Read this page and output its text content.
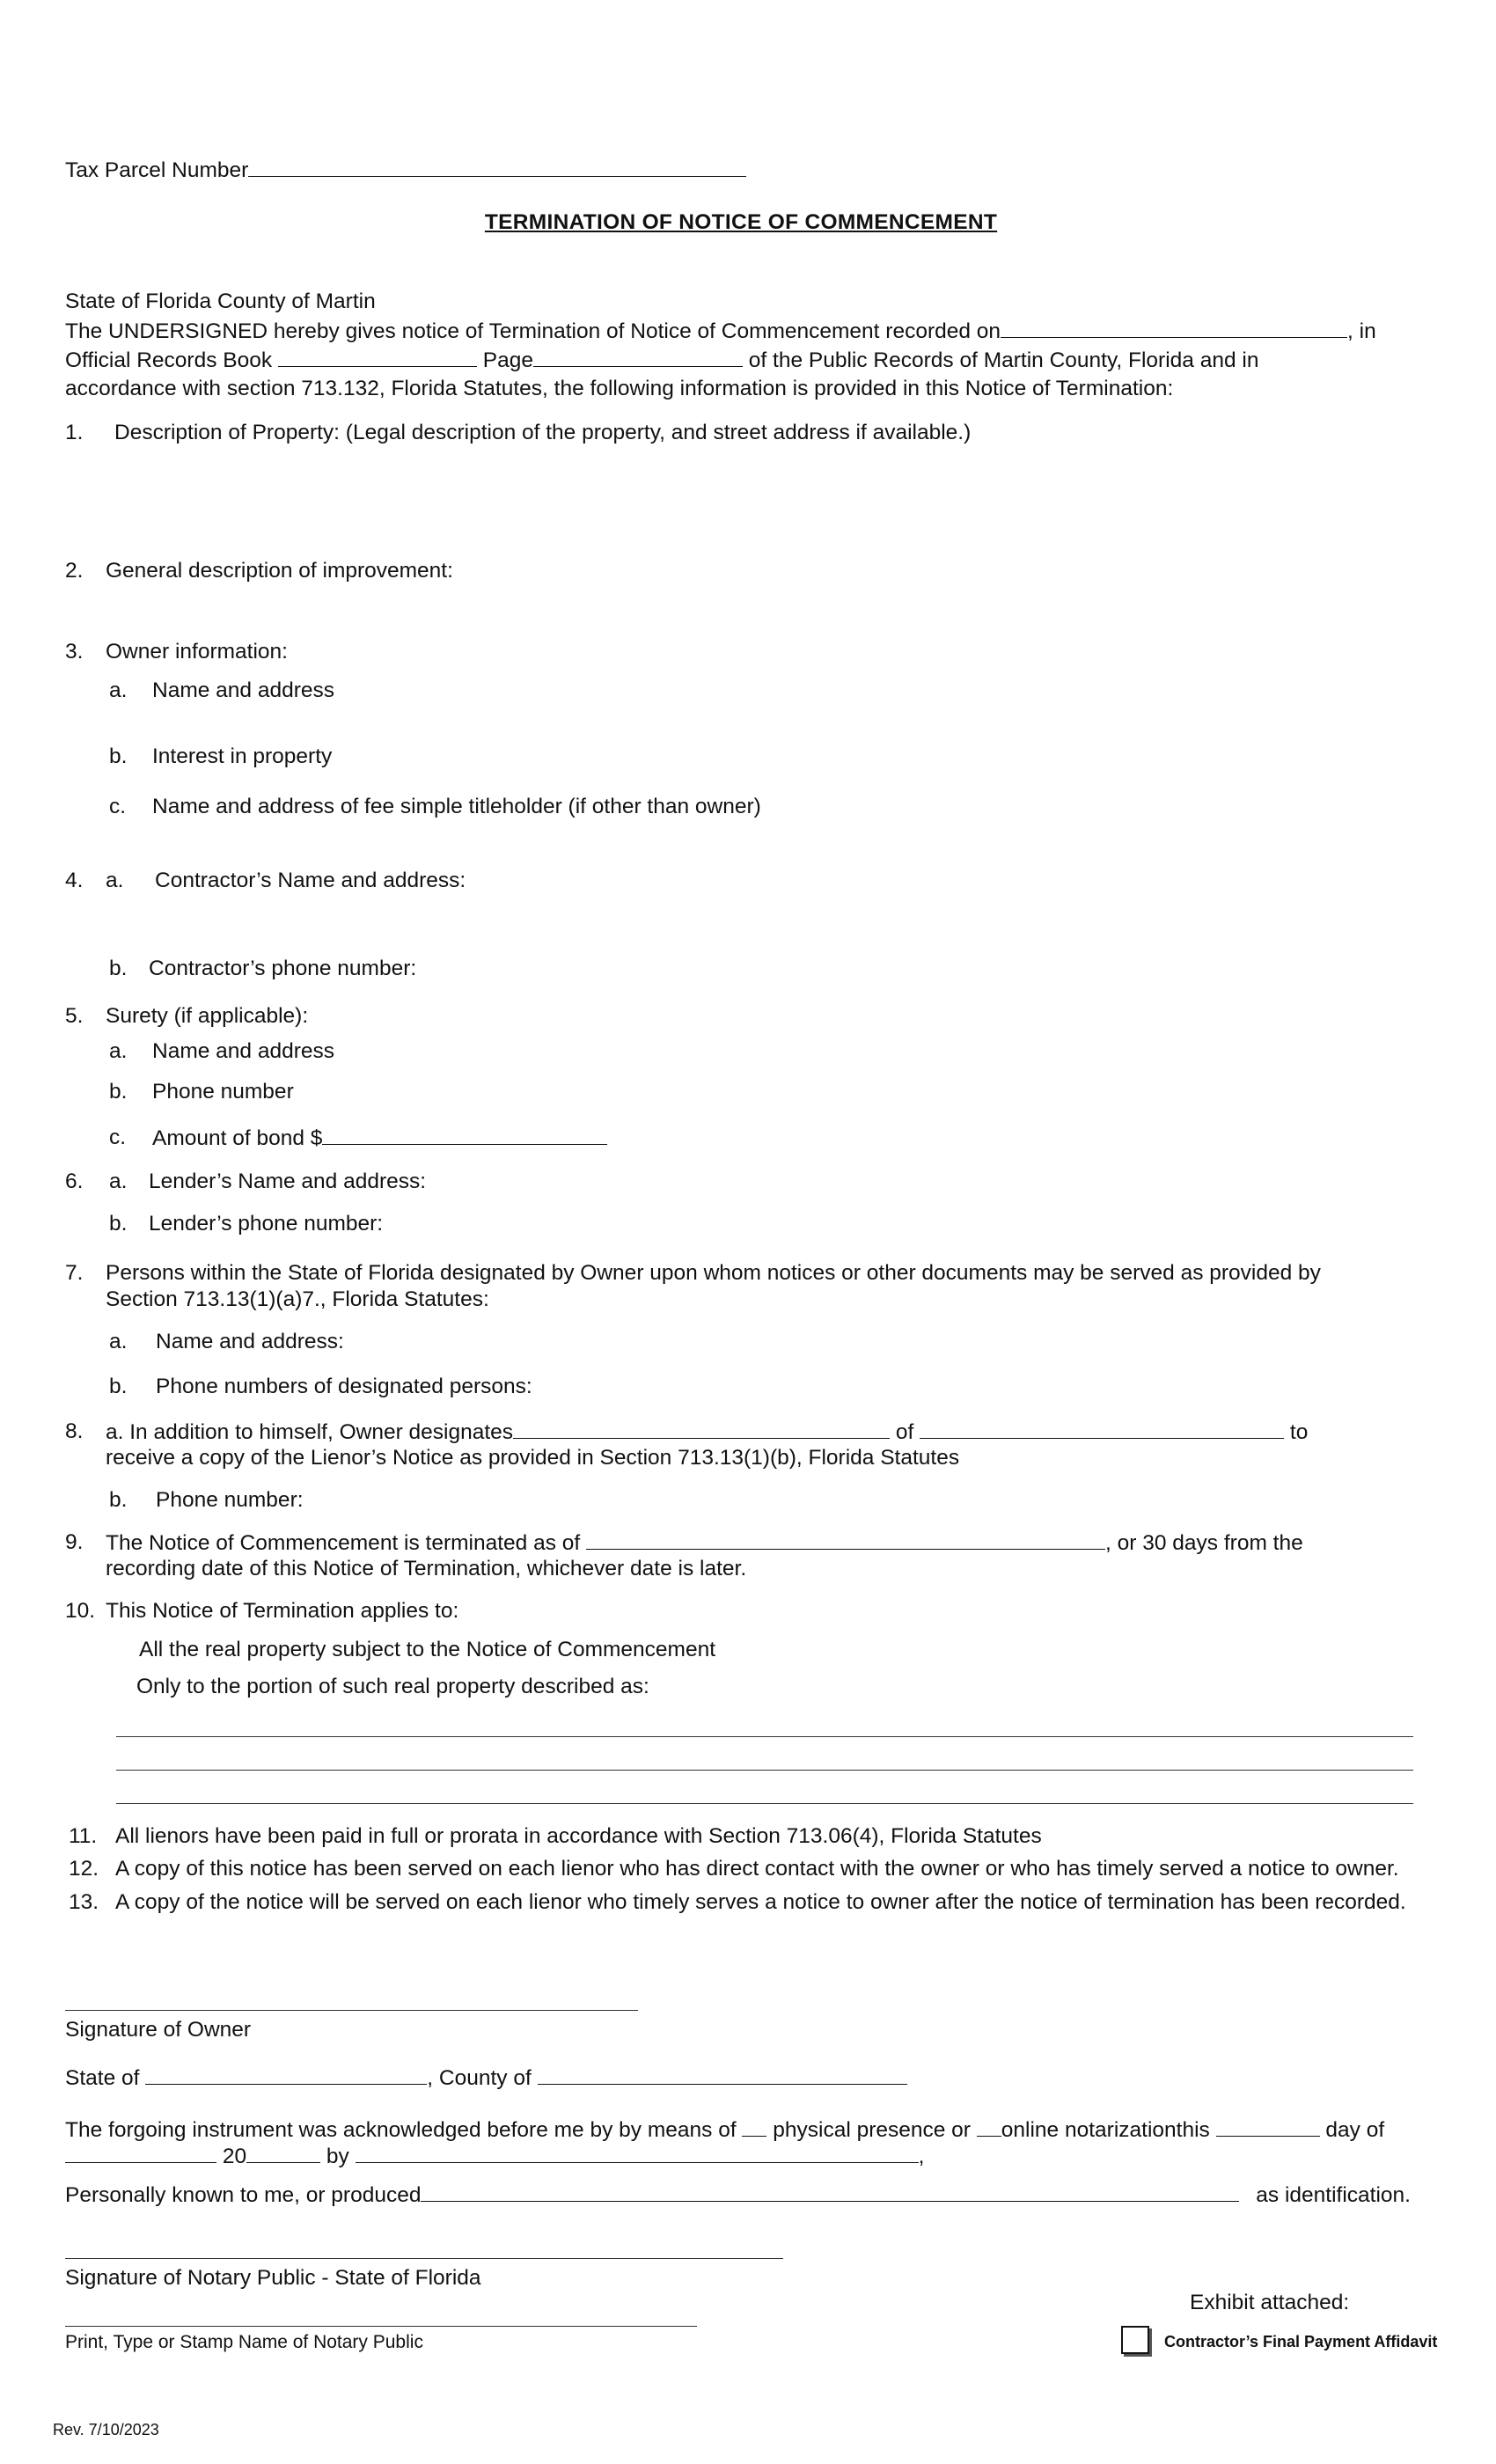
Tax Parcel Number
TERMINATION OF NOTICE OF COMMENCEMENT
State of Florida County of Martin
The UNDERSIGNED hereby gives notice of Termination of Notice of Commencement recorded on	, in
Official Records Book	Page	of the Public Records of Martin County, Florida and in
accordance with section 713.132, Florida Statutes, the following information is provided in this Notice of Termination:
1. Description of Property: (Legal description of the property, and street address if available.)
2. General description of improvement:
3. Owner information:
a. Name and address
b. Interest in property
c. Name and address of fee simple titleholder (if other than owner)
4. a. Contractor’s Name and address:
b. Contractor’s phone number:
5. Surety (if applicable):
a. Name and address
b. Phone number
c. Amount of bond $
6. a. Lender’s Name and address:
b. Lender’s phone number:
7. Persons within the State of Florida designated by Owner upon whom notices or other documents may be served as provided by
Section 713.13(1)(a)7., Florida Statutes:
a. Name and address:
b. Phone numbers of designated persons:
8. a. In addition to himself, Owner designates	of	to
receive a copy of the Lienor’s Notice as provided in Section 713.13(1)(b), Florida Statutes
b. Phone number:
9. The Notice of Commencement is terminated as of	, or 30 days from the
recording date of this Notice of Termination, whichever date is later.
10. This Notice of Termination applies to:
All the real property subject to the Notice of Commencement
Only to the portion of such real property described as:
11. All lienors have been paid in full or prorata in accordance with Section 713.06(4), Florida Statutes
12. A copy of this notice has been served on each lienor who has direct contact with the owner or who has timely served a notice to owner.
13. A copy of the notice will be served on each lienor who timely serves a notice to owner after the notice of termination has been recorded.
Signature of Owner
State of	, County of
The forgoing instrument was acknowledged before me by by means of physical presence or online notarizationthis	day of
20	by	,
Personally known to me, or produced	as identification.
Signature of Notary Public - State of Florida
Print, Type or Stamp Name of Notary Public
Exhibit attached:
Contractor’s Final Payment Affidavit
Rev. 7/10/2023
